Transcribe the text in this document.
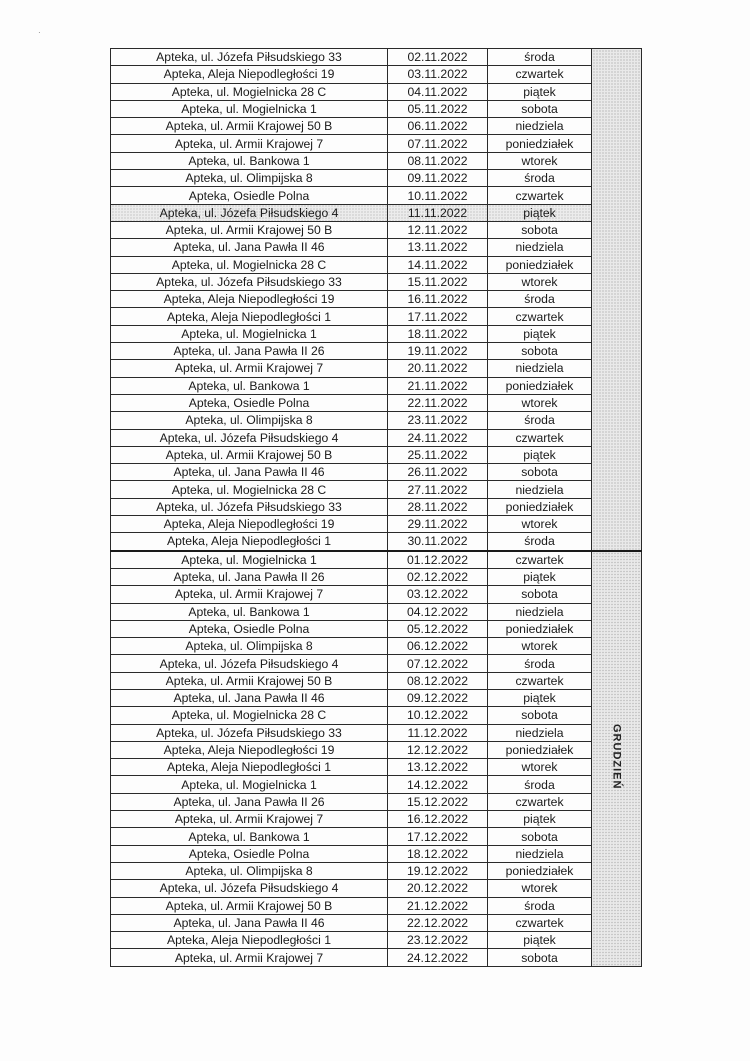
·
Apteka, ul. Józefa Piłsudskiego 33	02.11.2022	środa	
Apteka, Aleja Niepodległości 19	03.11.2022	czwartek	
Apteka, ul. Mogielnicka 28 C	04.11.2022	piątek	
Apteka, ul. Mogielnicka 1	05.11.2022	sobota	
Apteka, ul. Armii Krajowej 50 B	06.11.2022	niedziela	
Apteka, ul. Armii Krajowej 7	07.11.2022	poniedziałek	
Apteka, ul. Bankowa 1	08.11.2022	wtorek	
Apteka, ul. Olimpijska 8	09.11.2022	środa	
Apteka, Osiedle Polna	10.11.2022	czwartek	
Apteka, ul. Józefa Piłsudskiego 4	11.11.2022	piątek	
Apteka, ul. Armii Krajowej 50 B	12.11.2022	sobota	
Apteka, ul. Jana Pawła II 46	13.11.2022	niedziela	
Apteka, ul. Mogielnicka 28 C	14.11.2022	poniedziałek	
Apteka, ul. Józefa Piłsudskiego 33	15.11.2022	wtorek	
Apteka, Aleja Niepodległości 19	16.11.2022	środa	
Apteka, Aleja Niepodległości 1	17.11.2022	czwartek	
Apteka, ul. Mogielnicka 1	18.11.2022	piątek	
Apteka, ul. Jana Pawła II 26	19.11.2022	sobota	
Apteka, ul. Armii Krajowej 7	20.11.2022	niedziela	
Apteka, ul. Bankowa 1	21.11.2022	poniedziałek	
Apteka, Osiedle Polna	22.11.2022	wtorek	
Apteka, ul. Olimpijska 8	23.11.2022	środa	
Apteka, ul. Józefa Piłsudskiego 4	24.11.2022	czwartek	
Apteka, ul. Armii Krajowej 50 B	25.11.2022	piątek	
Apteka, ul. Jana Pawła II 46	26.11.2022	sobota	
Apteka, ul. Mogielnicka 28 C	27.11.2022	niedziela	
Apteka, ul. Józefa Piłsudskiego 33	28.11.2022	poniedziałek	
Apteka, Aleja Niepodległości 19	29.11.2022	wtorek	
Apteka, Aleja Niepodległości 1	30.11.2022	środa	
Apteka, ul. Mogielnicka 1	01.12.2022	czwartek	GRUDZIEŃ
Apteka, ul. Jana Pawła II 26	02.12.2022	piątek	
Apteka, ul. Armii Krajowej 7	03.12.2022	sobota	
Apteka, ul. Bankowa 1	04.12.2022	niedziela	
Apteka, Osiedle Polna	05.12.2022	poniedziałek	
Apteka, ul. Olimpijska 8	06.12.2022	wtorek	
Apteka, ul. Józefa Piłsudskiego 4	07.12.2022	środa	
Apteka, ul. Armii Krajowej 50 B	08.12.2022	czwartek	
Apteka, ul. Jana Pawła II 46	09.12.2022	piątek	
Apteka, ul. Mogielnicka 28 C	10.12.2022	sobota	
Apteka, ul. Józefa Piłsudskiego 33	11.12.2022	niedziela	
Apteka, Aleja Niepodległości 19	12.12.2022	poniedziałek	
Apteka, Aleja Niepodległości 1	13.12.2022	wtorek	
Apteka, ul. Mogielnicka 1	14.12.2022	środa	
Apteka, ul. Jana Pawła II 26	15.12.2022	czwartek	
Apteka, ul. Armii Krajowej 7	16.12.2022	piątek	
Apteka, ul. Bankowa 1	17.12.2022	sobota	
Apteka, Osiedle Polna	18.12.2022	niedziela	
Apteka, ul. Olimpijska 8	19.12.2022	poniedziałek	
Apteka, ul. Józefa Piłsudskiego 4	20.12.2022	wtorek	
Apteka, ul. Armii Krajowej 50 B	21.12.2022	środa	
Apteka, ul. Jana Pawła II 46	22.12.2022	czwartek	
Apteka, Aleja Niepodległości 1	23.12.2022	piątek	
Apteka, ul. Armii Krajowej 7	24.12.2022	sobota	
